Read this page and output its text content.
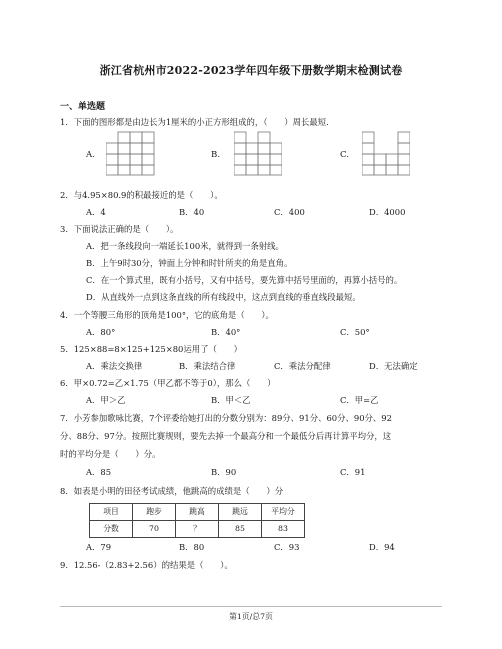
浙江省杭州市2022-2023学年四年级下册数学期末检测试卷
一、单选题
1．下面的图形都是由边长为1厘米的小正方形组成的，（　　）周长最短.
A.	B.	C.
2．与4.95×80.9的积最接近的是（　　）。
A．4	B．40	C．400	D．4000
3．下面说法正确的是（　　）。
A．把一条线段向一端延长100米，就得到一条射线。
B．上午9时30分，钟面上分钟和时针所夹的角是直角。
C．在一个算式里，既有小括号，又有中括号，要先算中括号里面的，再算小括号的。
D．从直线外一点到这条直线的所有线段中，这点到直线的垂直线段最短。
4．一个等腰三角形的顶角是100°，它的底角是（　　）。
A．80°	B．40°	C．50°
5．125×88=8×125+125×80运用了（　　）
A．乘法交换律	B．乘法结合律	C．乘法分配律	D．无法确定
6．甲×0.72=乙×1.75（甲乙都不等于0），那么（　　）
A．甲＞乙	B．甲＜乙	C．甲=乙
7．小芳参加歌咏比赛，7个评委给她打出的分数分别为：89分、91分、60分、90分、92
分、88分、97分。按照比赛规则，要先去掉一个最高分和一个最低分后再计算平均分，这
时的平均分是（　　）分。
A．85	B．90	C．91
8．如表是小明的田径考试成绩，他跳高的成绩是（　　）分
项目	跑步	跳高	跳远	平均分
分数	70	？	85	83
A．79	B．80	C．93	D．94
9．12.56-（2.83+2.56）的结果是（　　）。
第1页/总7页
